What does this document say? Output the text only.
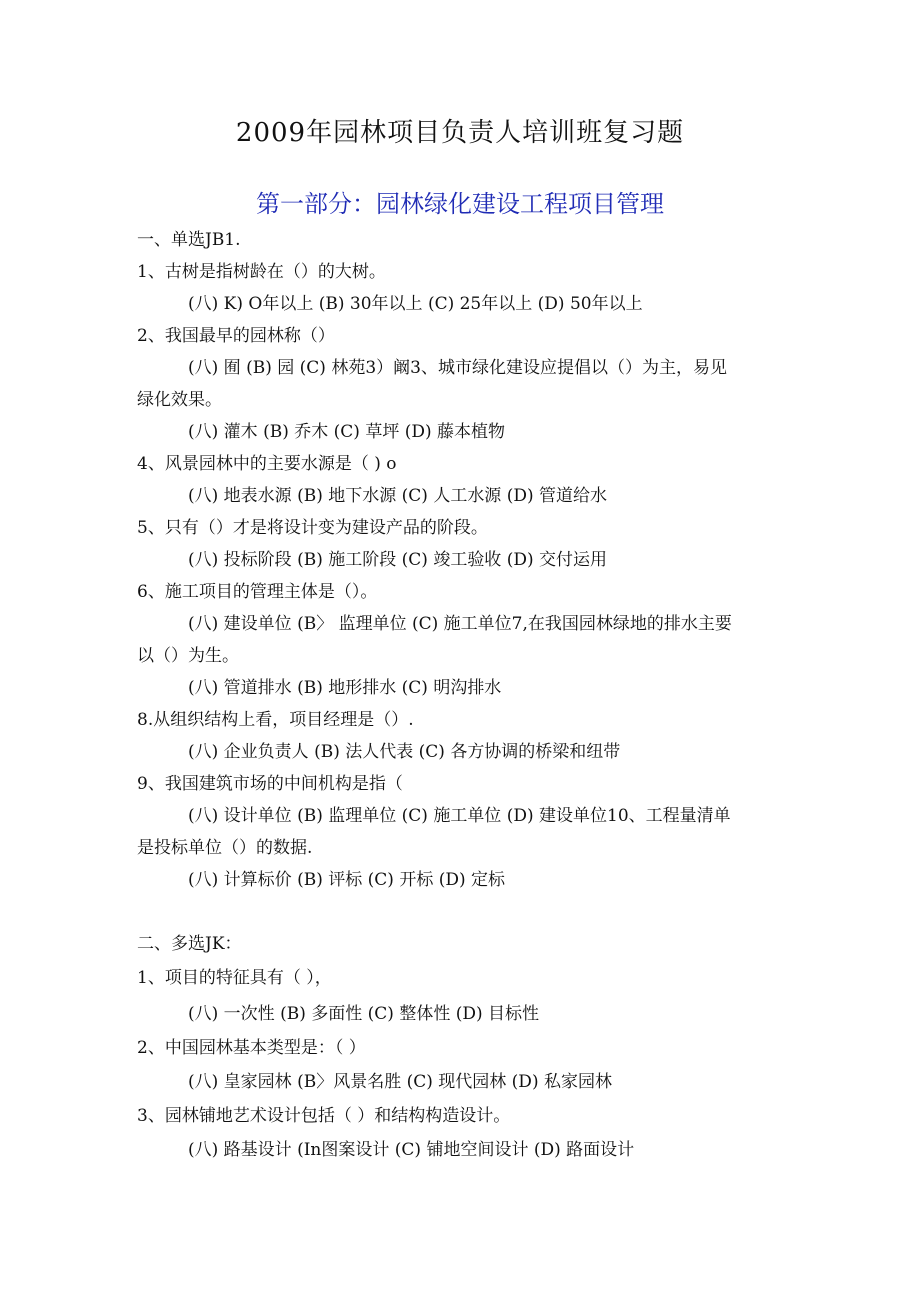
2009年园林项目负责人培训班复习题
第一部分：园林绿化建设工程项目管理
一、单选JB1.
1、古树是指树龄在（）的大树。
(八) K) O年以上 (B) 30年以上 (C) 25年以上 (D) 50年以上
2、我国最早的园林称（）
(八) 囿 (B) 园 (C) 林苑3）阚3、城市绿化建设应提倡以（）为主，易见
绿化效果。
(八) 灌木 (B) 乔木 (C) 草坪 (D) 藤本植物
4、风景园林中的主要水源是（ ) o
(八) 地表水源 (B) 地下水源 (C) 人工水源 (D) 管道给水
5、只有（）才是将设计变为建设产品的阶段。
(八) 投标阶段 (B) 施工阶段 (C) 竣工验收 (D) 交付运用
6、施工项目的管理主体是（）。
(八) 建设单位 (B〉 监理单位 (C) 施工单位7,在我国园林绿地的排水主要
以（）为生。
(八) 管道排水 (B) 地形排水 (C) 明沟排水
8.从组织结构上看，项目经理是（）.
(八) 企业负责人 (B) 法人代表 (C) 各方协调的桥梁和纽带
9、我国建筑市场的中间机构是指（
(八) 设计单位 (B) 监理单位 (C) 施工单位 (D) 建设单位10、工程量清单
是投标单位（）的数据.
(八) 计算标价 (B) 评标 (C) 开标 (D) 定标
二、多选JK：
1、项目的特征具有（ ），
(八) 一次性 (B) 多面性 (C) 整体性 (D) 目标性
2、中国园林基本类型是：（ ）
(八) 皇家园林 (B〉风景名胜 (C) 现代园林 (D) 私家园林
3、园林铺地艺术设计包括（ ）和结构构造设计。
(八) 路基设计 (In图案设计 (C) 铺地空间设计 (D) 路面设计
